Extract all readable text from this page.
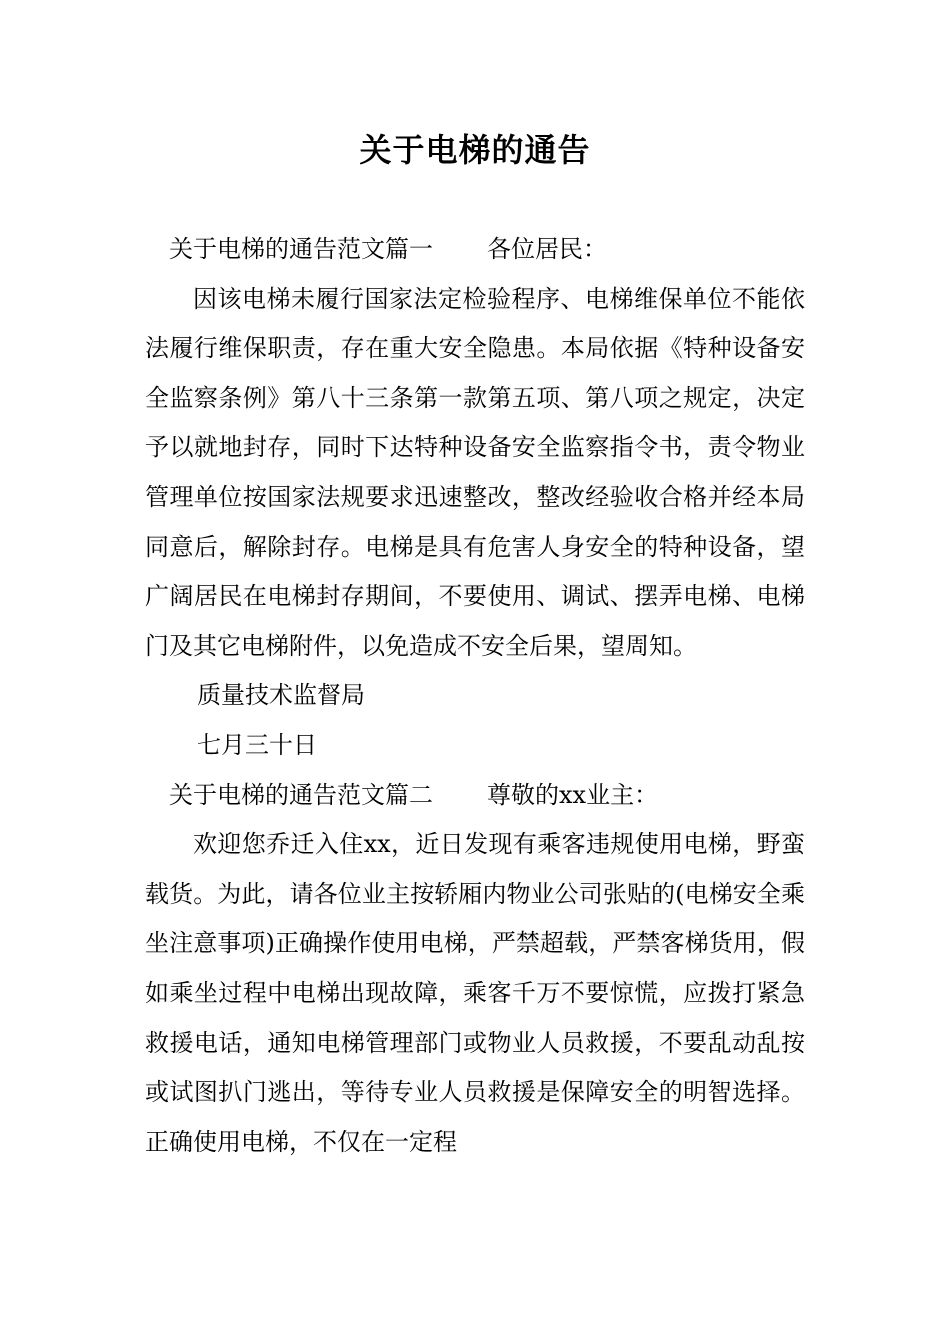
关于电梯的通告

关于电梯的通告范文篇一 各位居民：

因该电梯未履行国家法定检验程序、电梯维保单位不能依法履行维保职责，存在重大安全隐患。本局依据《特种设备安全监察条例》第八十三条第一款第五项、第八项之规定，决定予以就地封存，同时下达特种设备安全监察指令书，责令物业管理单位按国家法规要求迅速整改，整改经验收合格并经本局同意后，解除封存。电梯是具有危害人身安全的特种设备，望广阔居民在电梯封存期间，不要使用、调试、摆弄电梯、电梯门及其它电梯附件，以免造成不安全后果，望周知。

质量技术监督局

七月三十日

关于电梯的通告范文篇二 尊敬的xx业主：

欢迎您乔迁入住xx，近日发现有乘客违规使用电梯，野蛮载货。为此，请各位业主按轿厢内物业公司张贴的(电梯安全乘坐注意事项)正确操作使用电梯，严禁超载，严禁客梯货用，假如乘坐过程中电梯出现故障，乘客千万不要惊慌，应拨打紧急救援电话，通知电梯管理部门或物业人员救援，不要乱动乱按或试图扒门逃出，等待专业人员救援是保障安全的明智选择。正确使用电梯，不仅在一定程
